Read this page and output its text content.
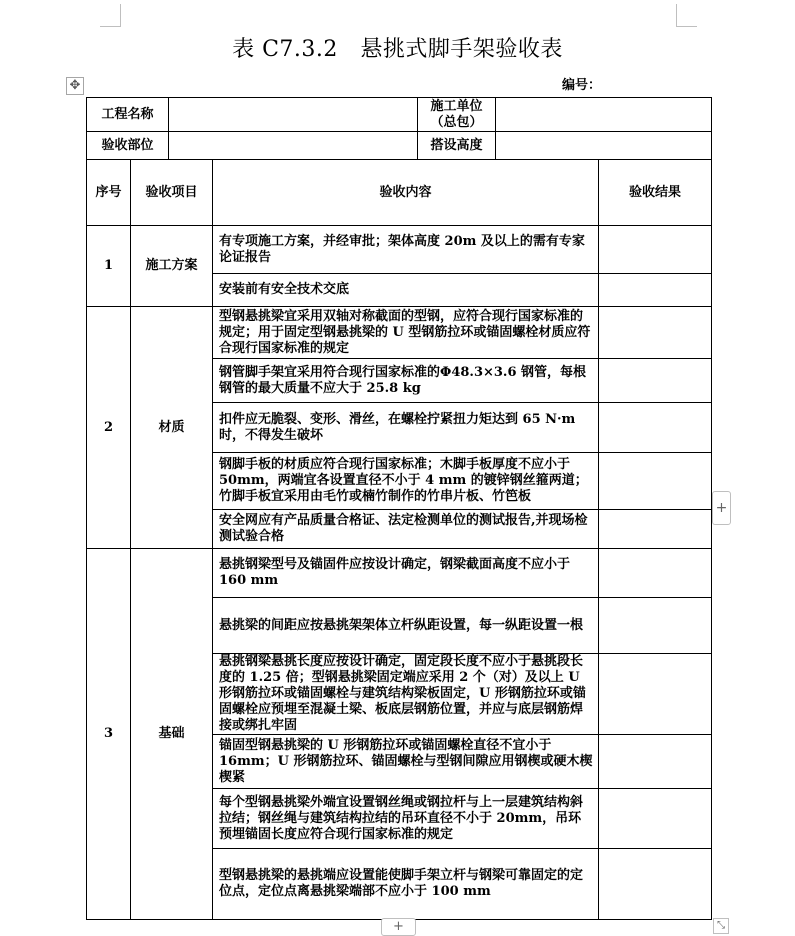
表 C7.3.2　悬挑式脚手架验收表
✥	编号：
工程名称				施工单位
（总包）		

验收部位				搭设高度		
序号	验收项目		验收内容			验收结果
1	施工方案		有专项施工方案，并经审批；架体高度 20m 及以上的需有专家论证报告			
			安装前有安全技术交底			
2	材质		型钢悬挑梁宜采用双轴对称截面的型钢，应符合现行国家标准的规定；用于固定型钢悬挑梁的 U 型钢筋拉环或锚固螺栓材质应符合现行国家标准的规定			
			钢管脚手架宜采用符合现行国家标准的Φ48.3×3.6 钢管，每根钢管的最大质量不应大于 25.8 kg			
			扣件应无脆裂、变形、滑丝，在螺栓拧紧扭力矩达到 65 N·m 时，不得发生破坏			
			钢脚手板的材质应符合现行国家标准；木脚手板厚度不应小于 50mm，两端宜各设置直径不小于 4 mm 的镀锌钢丝箍两道；竹脚手板宜采用由毛竹或楠竹制作的竹串片板、竹笆板			
			安全网应有产品质量合格证、法定检测单位的测试报告,并现场检测试验合格			
3	基础		悬挑钢梁型号及锚固件应按设计确定，钢梁截面高度不应小于 160 mm			
			悬挑梁的间距应按悬挑架架体立杆纵距设置，每一纵距设置一根			
			悬挑钢梁悬挑长度应按设计确定，固定段长度不应小于悬挑段长度的 1.25 倍；型钢悬挑梁固定端应采用 2 个（对）及以上 U 形钢筋拉环或锚固螺栓与建筑结构梁板固定，U 形钢筋拉环或锚固螺栓应预埋至混凝土梁、板底层钢筋位置，并应与底层钢筋焊接或绑扎牢固			
			锚固型钢悬挑梁的 U 形钢筋拉环或锚固螺栓直径不宜小于 16mm；U 形钢筋拉环、锚固螺栓与型钢间隙应用钢楔或硬木楔楔紧			
			每个型钢悬挑梁外端宜设置钢丝绳或钢拉杆与上一层建筑结构斜拉结；钢丝绳与建筑结构拉结的吊环直径不小于 20mm，吊环预埋锚固长度应符合现行国家标准的规定			
			型钢悬挑梁的悬挑端应设置能使脚手架立杆与钢梁可靠固定的定位点，定位点离悬挑梁端部不应小于 100 mm			
+
+	⤡
